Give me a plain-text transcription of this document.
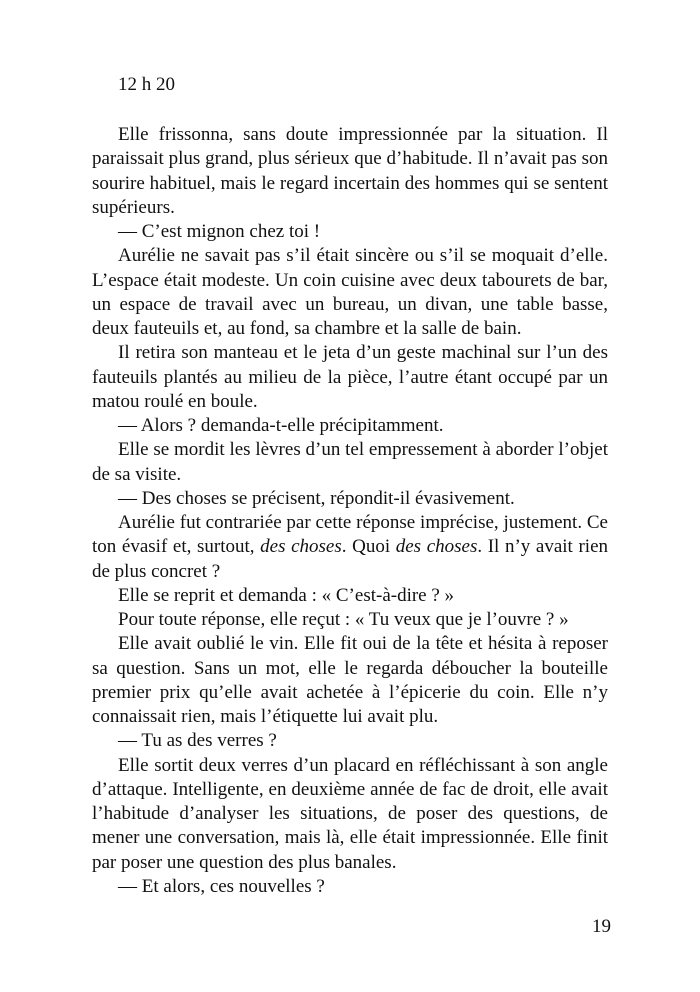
12 h 20

Elle frissonna, sans doute impressionnée par la situation. Il paraissait plus grand, plus sérieux que d’habitude. Il n’avait pas son sourire habituel, mais le regard incertain des hommes qui se sentent supérieurs.

— C’est mignon chez toi !

Aurélie ne savait pas s’il était sincère ou s’il se moquait d’elle. L’espace était modeste. Un coin cuisine avec deux tabourets de bar, un espace de travail avec un bureau, un divan, une table basse, deux fauteuils et, au fond, sa chambre et la salle de bain.

Il retira son manteau et le jeta d’un geste machinal sur l’un des fauteuils plantés au milieu de la pièce, l’autre étant occupé par un matou roulé en boule.

— Alors ? demanda-t-elle précipitamment.

Elle se mordit les lèvres d’un tel empressement à aborder l’objet de sa visite.

— Des choses se précisent, répondit-il évasivement.

Aurélie fut contrariée par cette réponse imprécise, justement. Ce ton évasif et, surtout, des choses. Quoi des choses. Il n’y avait rien de plus concret ?

Elle se reprit et demanda : « C’est-à-dire ? »

Pour toute réponse, elle reçut : « Tu veux que je l’ouvre ? »

Elle avait oublié le vin. Elle fit oui de la tête et hésita à reposer sa question. Sans un mot, elle le regarda déboucher la bouteille premier prix qu’elle avait achetée à l’épicerie du coin. Elle n’y connaissait rien, mais l’étiquette lui avait plu.

— Tu as des verres ?

Elle sortit deux verres d’un placard en réfléchissant à son angle d’attaque. Intelligente, en deuxième année de fac de droit, elle avait l’habitude d’analyser les situations, de poser des questions, de mener une conversation, mais là, elle était impressionnée. Elle finit par poser une question des plus banales.

— Et alors, ces nouvelles ?

19
